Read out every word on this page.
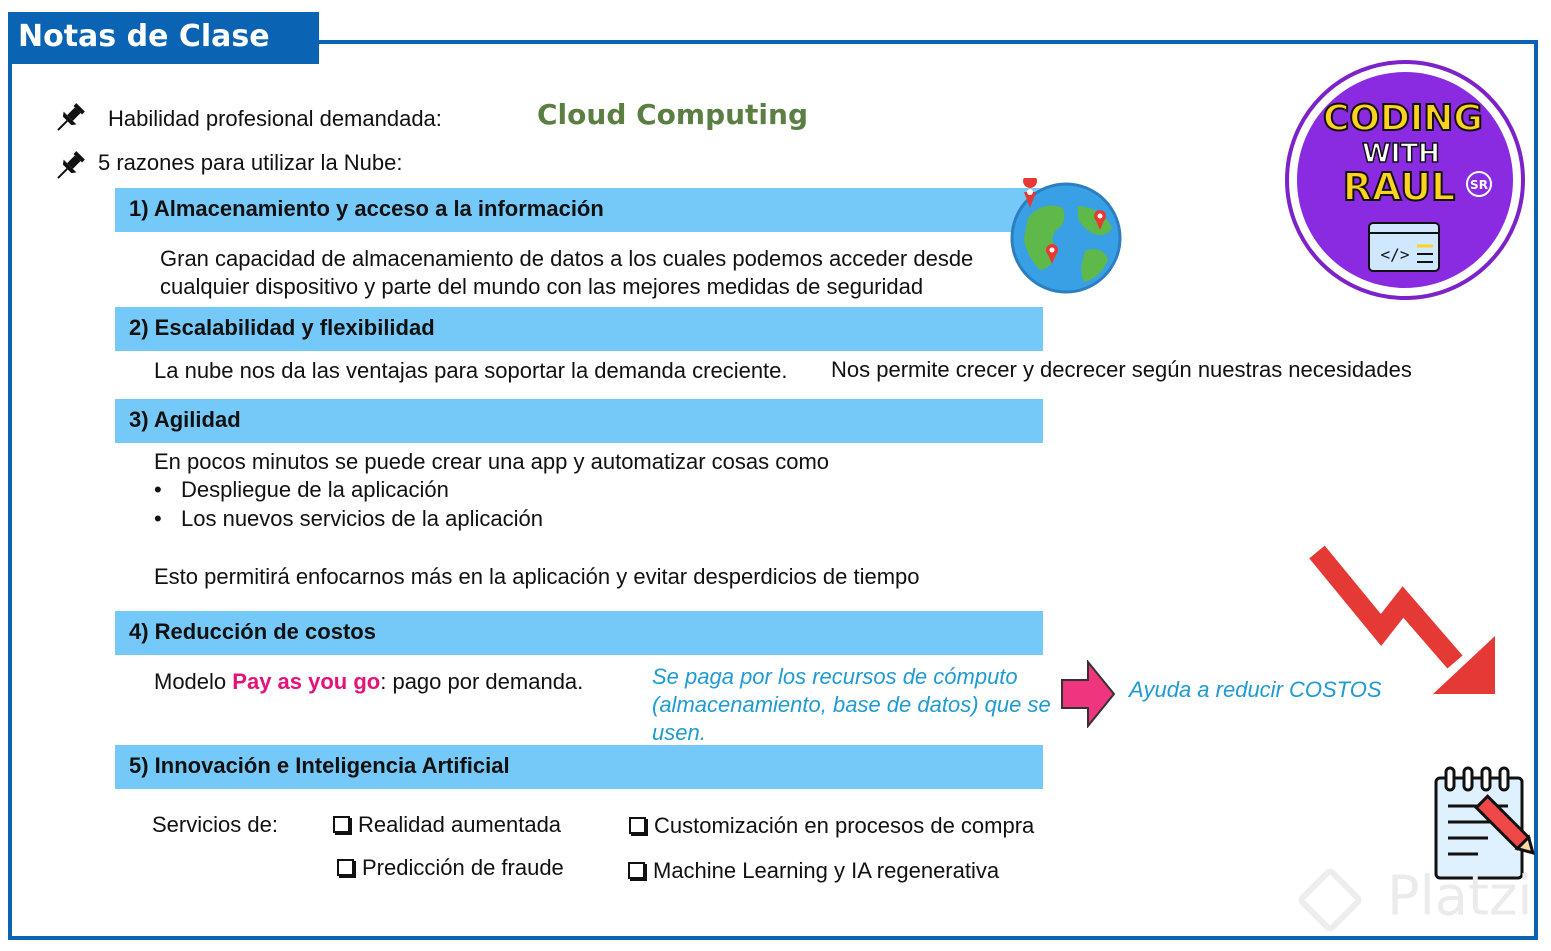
Notas de Clase
Habilidad profesional demandada:	Cloud Computing
5 razones para utilizar la Nube:
1) Almacenamiento y acceso a la información
Gran capacidad de almacenamiento de datos a los cuales podemos acceder desde
cualquier dispositivo y parte del mundo con las mejores medidas de seguridad
2) Escalabilidad y flexibilidad
La nube nos da las ventajas para soportar la demanda creciente. Nos permite crecer y decrecer según nuestras necesidades
3) Agilidad
En pocos minutos se puede crear una app y automatizar cosas como
• Despliegue de la aplicación
• Los nuevos servicios de la aplicación
Esto permitirá enfocarnos más en la aplicación y evitar desperdicios de tiempo
4) Reducción de costos
Modelo Pay as you go: pago por demanda.	Se paga por los recursos de cómputo
(almacenamiento, base de datos) que se
usen.
Ayuda a reducir COSTOS
5) Innovación e Inteligencia Artificial
Servicios de:	Realidad aumentada
Predicción de fraude
Customización en procesos de compra
Machine Learning y IA regenerativa
CODING
WITH
RAUL SR
</>
Platzi
